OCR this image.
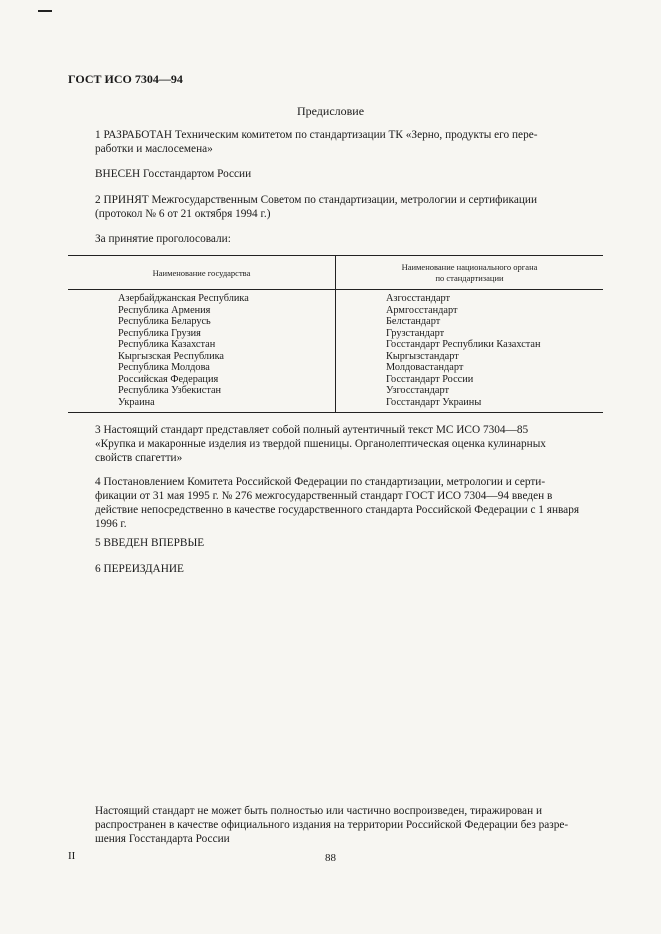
ГОСТ ИСО 7304—94
Предисловие
1 РАЗРАБОТАН Техническим комитетом по стандартизации ТК «Зерно, продукты его пере-
работки и маслосемена»
ВНЕСЕН Госстандартом России
2 ПРИНЯТ Межгосударственным Советом по стандартизации, метрологии и сертификации
(протокол № 6 от 21 октября 1994 г.)
За принятие проголосовали:
Наименование государства
Наименование национального органа
по стандартизации
Азербайджанская Республика
Республика Армения
Республика Беларусь
Республика Грузия
Республика Казахстан
Кыргызская Республика
Республика Молдова
Российская Федерация
Республика Узбекистан
Украина
Азгосстандарт
Армгосстандарт
Белстандарт
Грузстандарт
Госстандарт Республики Казахстан
Кыргызстандарт
Молдовастандарт
Госстандарт России
Узгосстандарт
Госстандарт Украины
3 Настоящий стандарт представляет собой полный аутентичный текст МС ИСО 7304—85
«Крупка и макаронные изделия из твердой пшеницы. Органолептическая оценка кулинарных
свойств спагетти»
4 Постановлением Комитета Российской Федерации по стандартизации, метрологии и серти-
фикации от 31 мая 1995 г. № 276 межгосударственный стандарт ГОСТ ИСО 7304—94 введен в
действие непосредственно в качестве государственного стандарта Российской Федерации с 1 января
1996 г.
5 ВВЕДЕН ВПЕРВЫЕ
6 ПЕРЕИЗДАНИЕ
Настоящий стандарт не может быть полностью или частично воспроизведен, тиражирован и
распространен в качестве официального издания на территории Российской Федерации без разре-
шения Госстандарта России
II	88
